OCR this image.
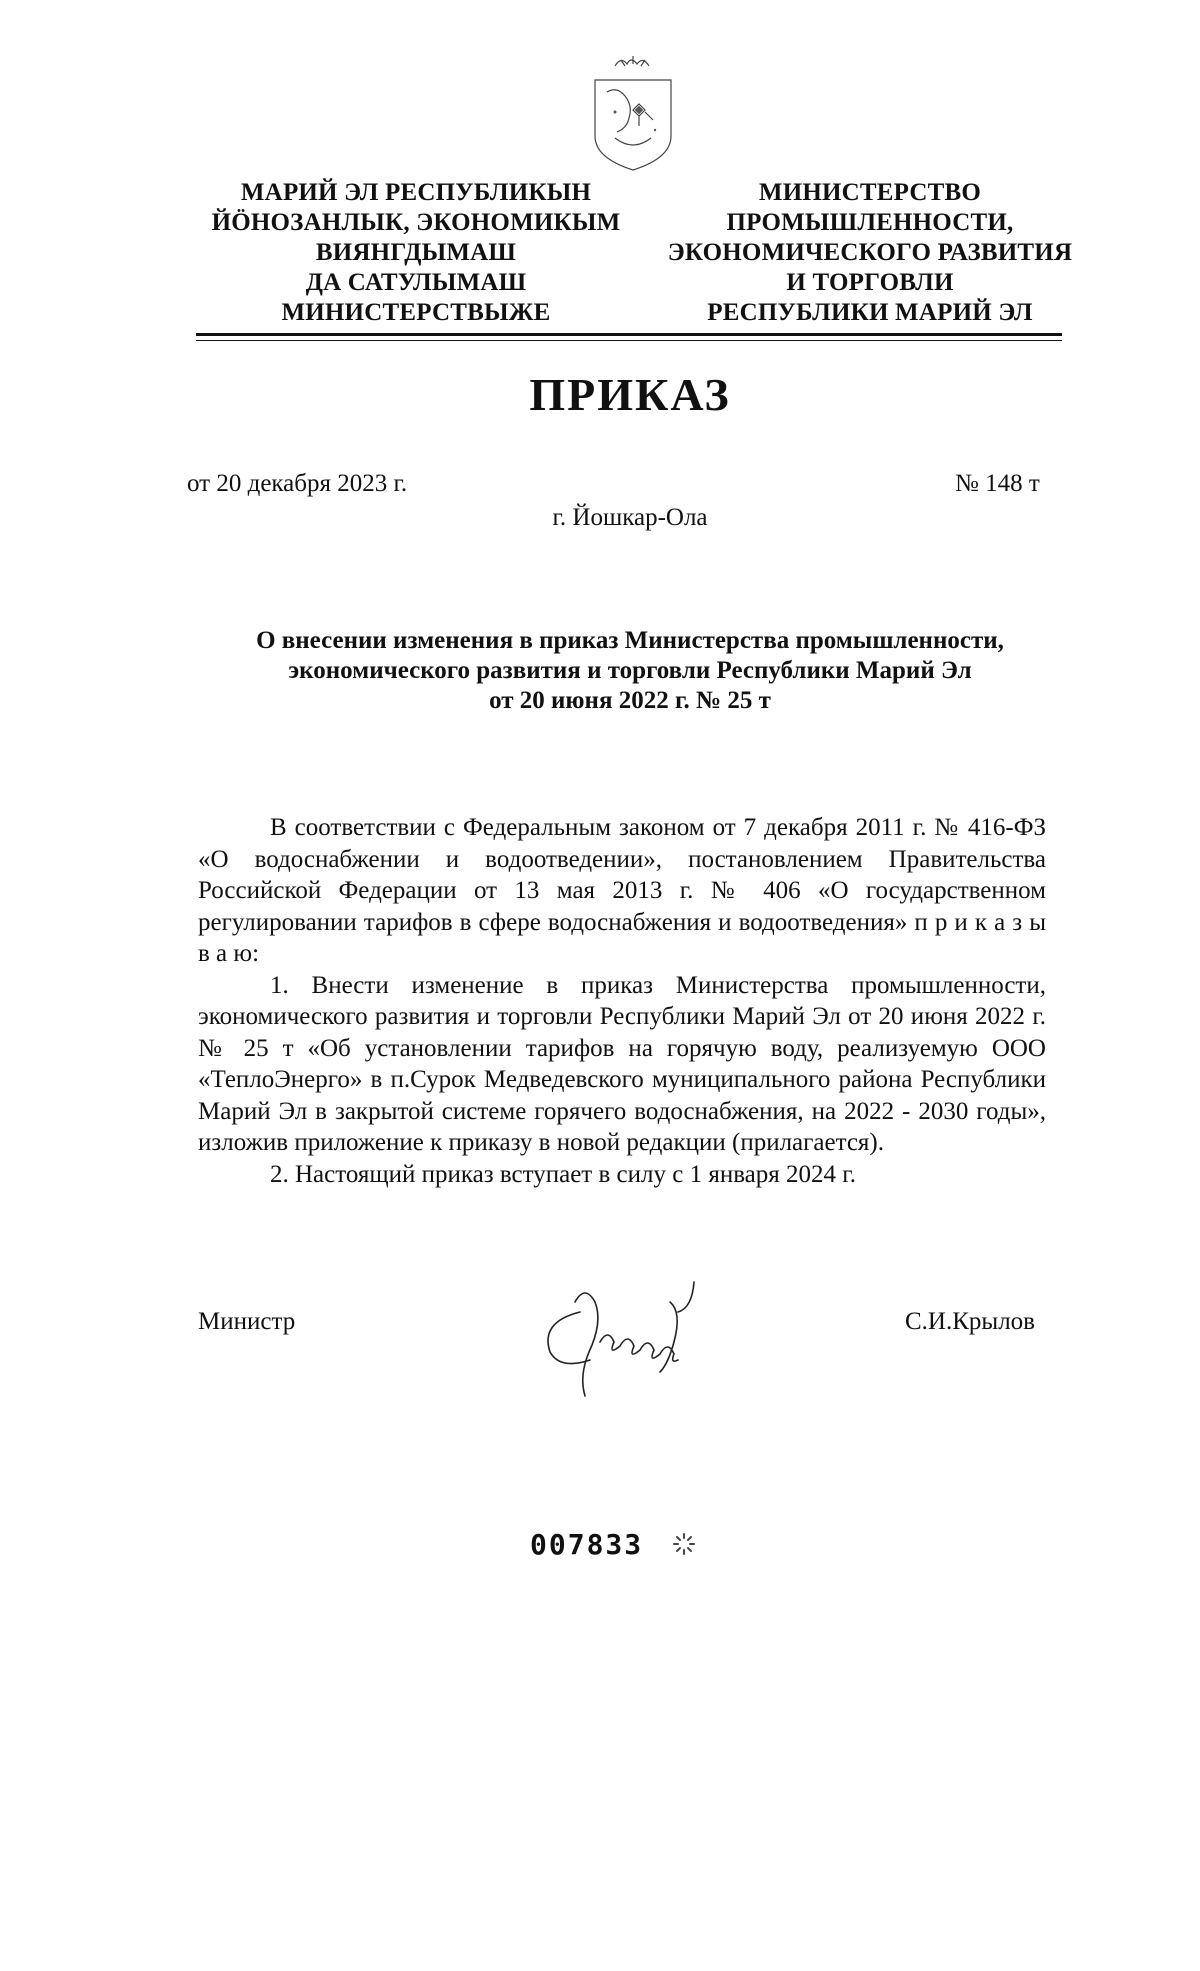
МАРИЙ ЭЛ РЕСПУБЛИКЫН
ЙӦНОЗАНЛЫК, ЭКОНОМИКЫМ
ВИЯНГДЫМАШ
ДА САТУЛЫМАШ
МИНИСТЕРСТВЫЖЕ
МИНИСТЕРСТВО
ПРОМЫШЛЕННОСТИ,
ЭКОНОМИЧЕСКОГО РАЗВИТИЯ
И ТОРГОВЛИ
РЕСПУБЛИКИ МАРИЙ ЭЛ
ПРИКАЗ
от 20 декабря 2023 г.	№ 148 т
г. Йошкар-Ола
О внесении изменения в приказ Министерства промышленности,
экономического развития и торговли Республики Марий Эл
от 20 июня 2022 г. № 25 т

В соответствии с Федеральным законом от 7 декабря 2011 г. № 416-ФЗ «О водоснабжении и водоотведении», постановлением Правительства Российской Федерации от 13 мая 2013 г. № 406 «О государственном регулировании тарифов в сфере водоснабжения и водоотведения» п р и к а з ы в а ю:

1. Внести изменение в приказ Министерства промышленности, экономического развития и торговли Республики Марий Эл от 20 июня 2022 г. № 25 т «Об установлении тарифов на горячую воду, реализуемую ООО «ТеплоЭнерго» в п.Сурок Медведевского муниципального района Республики Марий Эл в закрытой системе горячего водоснабжения, на 2022 - 2030 годы», изложив приложение к приказу в новой редакции (прилагается).

2. Настоящий приказ вступает в силу с 1 января 2024 г.

Министр	С.И.Крылов
007833
